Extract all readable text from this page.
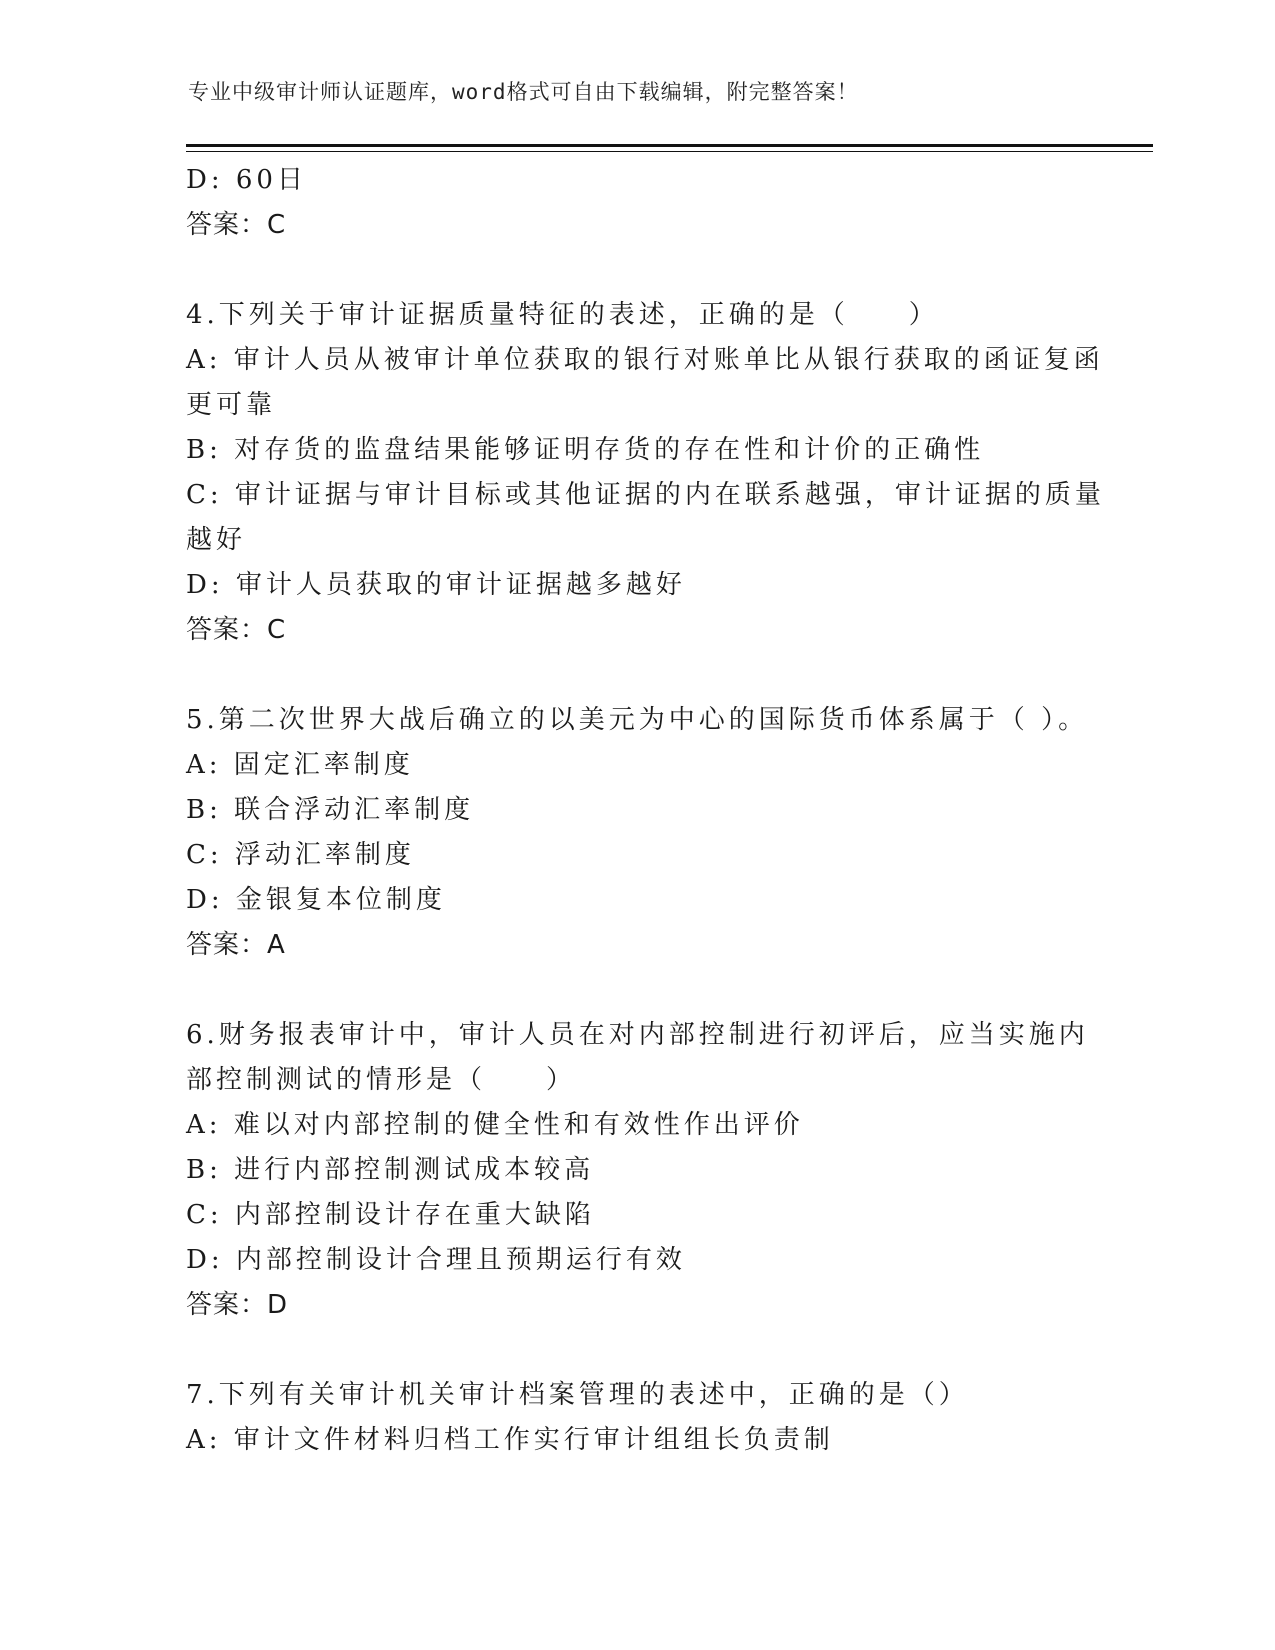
专业中级审计师认证题库，word格式可自由下载编辑，附完整答案！

D: 60日

答案：C

4.下列关于审计证据质量特征的表述，正确的是（　　）

A: 审计人员从被审计单位获取的银行对账单比从银行获取的函证复函

更可靠

B: 对存货的监盘结果能够证明存货的存在性和计价的正确性

C: 审计证据与审计目标或其他证据的内在联系越强，审计证据的质量

越好

D: 审计人员获取的审计证据越多越好

答案：C

5.第二次世界大战后确立的以美元为中心的国际货币体系属于（ ）。

A: 固定汇率制度

B: 联合浮动汇率制度

C: 浮动汇率制度

D: 金银复本位制度

答案：A

6.财务报表审计中，审计人员在对内部控制进行初评后，应当实施内

部控制测试的情形是（　　）

A: 难以对内部控制的健全性和有效性作出评价

B: 进行内部控制测试成本较高

C: 内部控制设计存在重大缺陷

D: 内部控制设计合理且预期运行有效

答案：D

7.下列有关审计机关审计档案管理的表述中，正确的是（）

A: 审计文件材料归档工作实行审计组组长负责制
